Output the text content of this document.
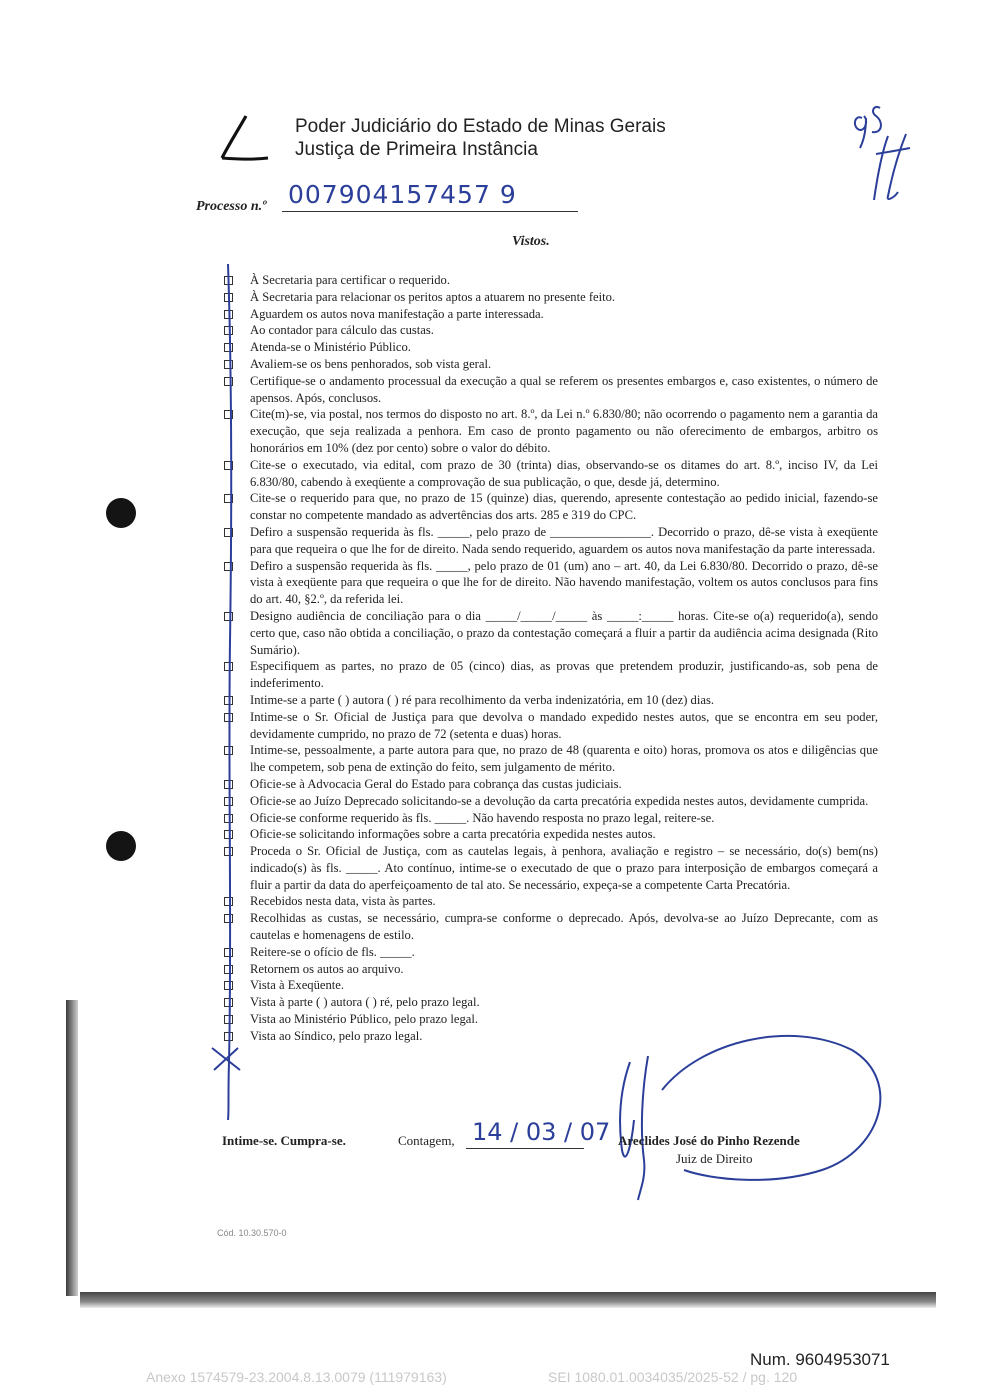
Poder Judiciário do Estado de Minas Gerais
Justiça de Primeira Instância
Processo n.º 007904157457 9
Vistos.
À Secretaria para certificar o requerido.
À Secretaria para relacionar os peritos aptos a atuarem no presente feito.
Aguardem os autos nova manifestação a parte interessada.
Ao contador para cálculo das custas.
Atenda-se o Ministério Público.
Avaliem-se os bens penhorados, sob vista geral.
Certifique-se o andamento processual da execução a qual se referem os presentes embargos e, caso existentes, o número de apensos. Após, conclusos.
Cite(m)-se, via postal, nos termos do disposto no art. 8.º, da Lei n.º 6.830/80; não ocorrendo o pagamento nem a garantia da execução, que seja realizada a penhora. Em caso de pronto pagamento ou não oferecimento de embargos, arbitro os honorários em 10% (dez por cento) sobre o valor do débito.
Cite-se o executado, via edital, com prazo de 30 (trinta) dias, observando-se os ditames do art. 8.º, inciso IV, da Lei 6.830/80, cabendo à exeqüente a comprovação de sua publicação, o que, desde já, determino.
Cite-se o requerido para que, no prazo de 15 (quinze) dias, querendo, apresente contestação ao pedido inicial, fazendo-se constar no competente mandado as advertências dos arts. 285 e 319 do CPC.
Defiro a suspensão requerida às fls. _____, pelo prazo de ________________. Decorrido o prazo, dê-se vista à exeqüente para que requeira o que lhe for de direito. Nada sendo requerido, aguardem os autos nova manifestação da parte interessada.
Defiro a suspensão requerida às fls. _____, pelo prazo de 01 (um) ano – art. 40, da Lei 6.830/80. Decorrido o prazo, dê-se vista à exeqüente para que requeira o que lhe for de direito. Não havendo manifestação, voltem os autos conclusos para fins do art. 40, §2.º, da referida lei.
Designo audiência de conciliação para o dia _____/_____/_____ às _____:_____ horas. Cite-se o(a) requerido(a), sendo certo que, caso não obtida a conciliação, o prazo da contestação começará a fluir a partir da audiência acima designada (Rito Sumário).
Especifiquem as partes, no prazo de 05 (cinco) dias, as provas que pretendem produzir, justificando-as, sob pena de indeferimento.
Intime-se a parte ( ) autora ( ) ré para recolhimento da verba indenizatória, em 10 (dez) dias.
Intime-se o Sr. Oficial de Justiça para que devolva o mandado expedido nestes autos, que se encontra em seu poder, devidamente cumprido, no prazo de 72 (setenta e duas) horas.
Intime-se, pessoalmente, a parte autora para que, no prazo de 48 (quarenta e oito) horas, promova os atos e diligências que lhe competem, sob pena de extinção do feito, sem julgamento de mérito.
Oficie-se à Advocacia Geral do Estado para cobrança das custas judiciais.
Oficie-se ao Juízo Deprecado solicitando-se a devolução da carta precatória expedida nestes autos, devidamente cumprida.
Oficie-se conforme requerido às fls. _____. Não havendo resposta no prazo legal, reitere-se.
Oficie-se solicitando informações sobre a carta precatória expedida nestes autos.
Proceda o Sr. Oficial de Justiça, com as cautelas legais, à penhora, avaliação e registro – se necessário, do(s) bem(ns) indicado(s) às fls. _____. Ato contínuo, intime-se o executado de que o prazo para interposição de embargos começará a fluir a partir da data do aperfeiçoamento de tal ato. Se necessário, expeça-se a competente Carta Precatória.
Recebidos nesta data, vista às partes.
Recolhidas as custas, se necessário, cumpra-se conforme o deprecado. Após, devolva-se ao Juízo Deprecante, com as cautelas e homenagens de estilo.
Reitere-se o ofício de fls. _____.
Retornem os autos ao arquivo.
Vista à Exeqüente.
Vista à parte ( ) autora ( ) ré, pelo prazo legal.
Vista ao Ministério Público, pelo prazo legal.
Vista ao Síndico, pelo prazo legal.
Intime-se. Cumpra-se.	Contagem, 14 / 03 / 07 Areclides José do Pinho Rezende
Juiz de Direito
Cód. 10.30.570-0
Num. 9604953071
Anexo 1574579-23.2004.8.13.0079 (111979163)	SEI 1080.01.0034035/2025-52 / pg. 120
